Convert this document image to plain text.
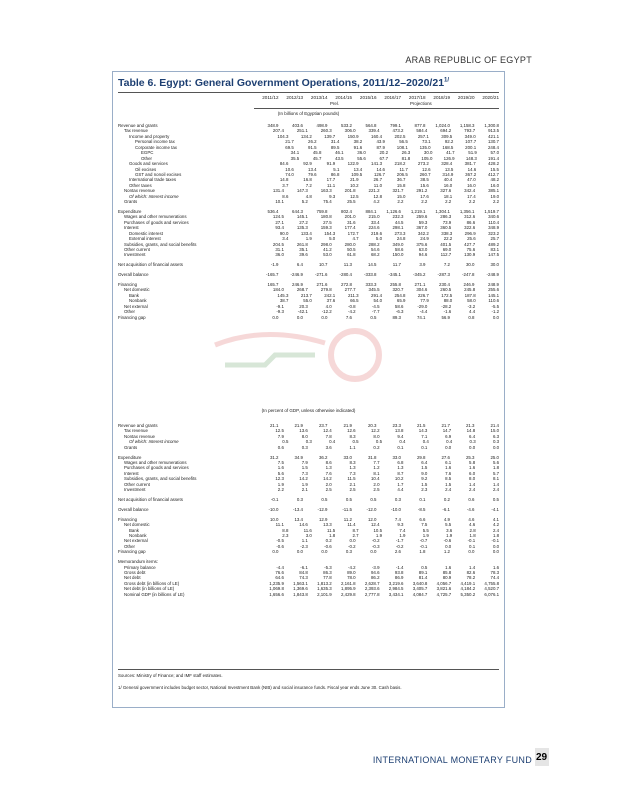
ARAB REPUBLIC OF EGYPT
Table 6. Egypt: General Government Operations, $2011/12-2020/21^{1/}$
2011/12	2012/13	2013/14	2014/15	2015/16	2016/17	2017/18	2018/19	2019/20	2020/21
Prel.	Projections
(In billions of Egyptian pounds)
Revenue and grants	348.9	403.6	498.9	533.2	564.8	799.1	877.8	1,024.0	1,158.3	1,300.8
Tax revenue	207.4	251.1	260.3	306.0	339.4	473.2	584.4	694.2	793.7	913.5
Income and property	104.3	134.2	139.7	150.9	160.4	202.5	257.1	309.5	349.0	421.1
Personal income tax	21.7	26.2	31.4	38.2	43.9	56.5	73.1	92.2	107.7	130.7
Corporate income tax	69.5	91.5	89.5	91.6	87.9	108.1	135.0	168.5	200.1	248.4
EGPC	34.1	45.8	46.1	36.0	20.2	26.3	30.0	41.7	51.9	57.0
Other	35.5	45.7	43.5	55.6	67.7	81.8	105.0	126.9	148.3	191.4
Goods and services	84.6	92.9	91.9	122.9	141.3	218.2	273.2	328.4	381.7	428.2
Oil excises	10.6	13.4	5.1	13.4	14.6	11.7	12.6	13.5	14.6	15.5
GST and nonoil excises	74.0	79.6	86.8	109.5	126.7	206.5	260.7	314.9	367.2	412.7
International trade taxes	14.8	16.8	17.7	21.9	26.7	36.7	38.5	40.4	47.0	48.2
Other taxes	3.7	7.2	11.1	10.2	11.0	15.8	15.6	16.0	16.0	16.0
Nontax revenue	131.4	147.3	163.3	201.8	221.2	321.7	291.2	327.6	342.4	385.1
Of which: Interest income	8.6	4.8	9.3	12.5	12.8	15.0	17.6	18.1	17.4	19.0
Grants	10.1	5.2	75.4	25.5	4.2	2.2	2.2	2.2	2.2	2.2
Expenditure	536.4	644.3	759.8	802.4	884.1	1,126.6	1,219.1	1,304.1	1,356.1	1,519.7
Wages and other remunerations	124.5	145.1	180.8	201.0	215.0	232.3	259.6	286.3	312.6	340.6
Purchases of goods and services	27.1	27.2	27.5	31.6	33.4	44.5	59.3	73.9	86.6	110.4
Interest	93.4	135.3	159.3	177.4	224.6	298.1	367.0	360.5	322.6	348.9
Domestic interest	90.0	133.4	154.3	172.7	219.6	273.3	342.2	338.3	296.9	323.2
External interest	3.4	1.9	5.0	4.7	5.0	24.8	24.9	22.2	25.6	25.7
Subsidies, grants, and social benefits	204.5	261.8	298.0	280.0	288.2	349.0	375.6	401.5	427.7	489.2
Other current	31.1	35.1	41.2	50.5	54.6	58.6	63.0	69.0	75.6	83.1
Investment	36.0	39.6	53.0	61.8	68.2	150.0	94.6	112.7	130.9	147.5
Net acquisition of financial assets	-1.9	6.4	10.7	11.3	14.5	11.7	3.9	7.2	30.0	30.0
Overall balance	-165.7	-246.9	-271.6	-280.4	-333.8	-345.1	-345.2	-287.3	-247.8	-248.9
Financing	165.7	246.9	271.6	272.8	333.3	255.8	271.1	230.4	246.9	248.9
Net domestic	184.0	268.7	279.8	277.7	345.5	320.7	304.6	260.5	245.8	255.6
Bank	145.3	213.7	242.1	211.3	291.4	254.8	226.7	172.5	187.8	145.1
Nonbank	38.7	55.0	37.6	66.5	54.0	65.9	77.9	88.0	58.0	110.6
Net external	-9.1	20.3	4.0	-0.8	-4.5	58.6	-29.0	-28.2	-3.2	-5.5
Other	-9.3	-42.1	-12.2	-4.2	-7.7	-6.3	-4.4	-1.6	4.4	-1.2
Financing gap	0.0	0.0	0.0	7.6	0.5	89.3	74.1	56.9	0.8	0.0
(In percent of GDP, unless otherwise indicated)
Revenue and grants	21.1	21.9	23.7	21.9	20.3	23.3	21.5	21.7	21.3	21.4
Tax revenue	12.5	13.6	12.4	12.6	12.2	13.8	14.3	14.7	14.8	15.0
Nontax revenue	7.9	8.0	7.8	8.3	8.0	9.4	7.1	6.9	6.4	6.3
Of which: Interest income	0.5	0.3	0.4	0.5	0.5	0.4	0.4	0.4	0.3	0.3
Grants	0.6	0.3	3.6	1.1	0.2	0.1	0.1	0.0	0.0	0.0
Expenditure	31.2	34.9	36.2	33.0	31.8	33.0	29.8	27.6	25.3	25.0
Wages and other remunerations	7.5	7.9	8.6	8.3	7.7	6.8	6.4	6.1	5.8	5.6
Purchases of goods and services	1.6	1.5	1.3	1.3	1.2	1.3	1.5	1.6	1.6	1.8
Interest	5.6	7.3	7.6	7.3	8.1	8.7	9.0	7.6	6.0	5.7
Subsidies, grants, and social benefits	12.3	14.2	14.2	11.5	10.4	10.2	9.2	8.5	8.0	8.1
Other current	1.9	1.9	2.0	2.1	2.0	1.7	1.5	1.5	1.4	1.4
Investment	2.2	2.1	2.5	2.5	2.5	4.4	2.3	2.4	2.4	2.4
Net acquisition of financial assets	-0.1	0.3	0.5	0.5	0.5	0.3	0.1	0.2	0.6	0.5
Overall balance	-10.0	-13.4	-12.9	-11.5	-12.0	-10.0	-8.5	-6.1	-4.6	-4.1
Financing	10.0	13.4	12.9	11.2	12.0	7.4	6.6	4.9	4.6	4.1
Net domestic	11.1	14.6	13.3	11.4	12.4	9.3	7.5	5.5	4.6	4.2
Bank	8.8	11.6	11.5	8.7	10.5	7.4	5.5	3.6	2.8	2.4
Nonbank	2.3	3.0	1.8	2.7	1.9	1.9	1.9	1.9	1.8	1.8
Net external	-0.5	1.1	0.2	0.0	-0.2	-1.7	-0.7	-0.6	-0.1	-0.1
Other	-0.6	-2.3	-0.6	-0.2	-0.3	-0.2	-0.1	0.0	0.1	0.0
Financing gap	0.0	0.0	0.0	0.3	0.0	2.6	1.8	1.2	0.0	0.0
Memorandum items:
Primary balance	-4.4	-6.1	-5.3	-4.2	-3.9	-1.4	0.5	1.6	1.4	1.6
Gross debt	76.6	84.8	86.3	89.0	94.6	93.8	89.1	85.8	82.6	78.3
Net debt	64.6	74.3	77.8	78.0	86.2	86.9	81.4	80.9	78.2	74.4
Gross debt (in billions of LE)	1,235.9	1,563.1	1,813.2	2,161.8	2,628.7	3,219.6	3,640.8	4,056.7	4,419.1	4,755.8
Net debt (in billions of LE)	1,069.8	1,369.6	1,635.3	1,895.9	2,393.6	2,984.5	3,405.7	3,821.6	4,184.2	4,520.7
Nominal GDP (in billions of LE)	1,656.6	1,843.8	2,101.9	2,429.8	2,777.8	3,434.1	4,084.7	4,725.7	5,350.2	6,076.1
Sources: Ministry of Finance; and IMF staff estimates.
1/ General government includes budget sector, National Investment Bank (NIB) and social insurance funds. Fiscal year ends June 30. Cash basis.
INTERNATIONAL MONETARY FUND 29
